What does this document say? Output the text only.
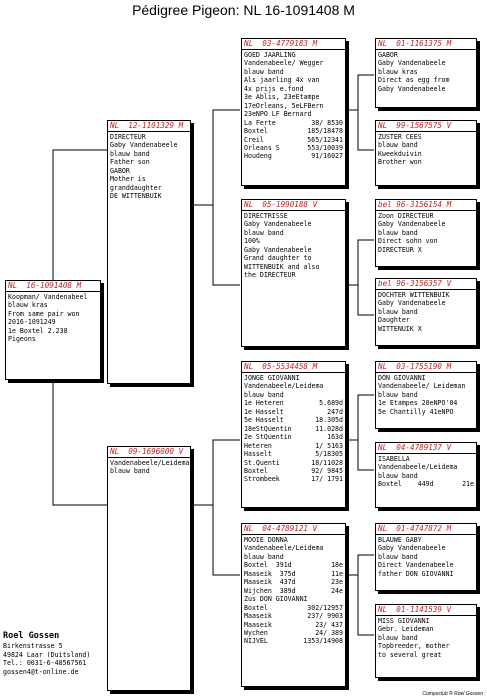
Pédigree Pigeon: NL 16-1091408 M
NL  16-1091408 M
Koopman/ Vandenabeel
blauw kras
From same pair won
2016-1091249
1e Boxtel 2.238
Pigeons
NL  12-1101329 M
DIRECTEUR
Gaby Vandenabeele
blauw band
Father son
GABOR
Mother is
granddaughter
DE WITTENBUIK
NL  09-1696000 V
Vandenabeele/Leidema
blauw band
NL  03-4779183 M
GOED JAARLING
Vandenabeele/ Wegger
blauw band
Als jaarling 4x van
4x prijs e.fond
3e Ablis, 23eEtampe
17eOrleans, 5eLFBern
23eNPO LF Bernard
La Ferte	38/ 8530
Boxtel	185/18478
Creil	565/12341
Orleans S	553/10039
Houdeng	91/16027
NL  05-1990188 V
DIRECTRISSE
Gaby Vandenabeele
blauw band
100%
Gaby Vandenabeele
Grand daughter to
WITTENBUIK and also
the DIRECTEUR
NL  05-5534458 M
JONGE GIOVANNI
Vandenabeele/Leidema
blauw band
1e Heteren	5.689d
1e Hasselt	247d
5e Hasselt	18.305d
18eStQuentin	11.028d
2e StQuentin	163d
Heteren	1/ 5163
Hasselt	5/18305
St.Quenti	18/11028
Boxtel	92/ 9845
Strombeek	17/ 1791
NL  04-4789121 V
MOOIE DONNA
Vandenabeele/Leidema
blauw band
Boxtel  391d	18e
Maaseik  375d	11e
Maaseik  437d	23e
Wijchen  389d	24e
Zus DON GIOVANNI
Boxtel	302/12957
Maaseik	237/ 9903
Maaseik	23/ 437
Wychen	24/ 389
NIJVEL	1353/14908
NL  01-1161375 M
GABOR
Gaby Vandenabeele
blauw kras
Direct as egg from
Gaby Vandenabeele
NL  99-1567575 V
ZUSTER CEES
blauw band
Kweekduivin
Brother won
bel 96-3156154 M
Zoon DIRECTEUR
Gaby Vandenabeele
blauw band
Direct sohn von
DIRECTEUR X
bel 96-3156357 V
DOCHTER WITTENBUIK
Gaby Vandenabeele
blauw band
Daughter
WITTENUIK X
NL  03-1755190 M
DON GIOVANNI
Vandenabeele/ Leideman
blauw band
1e Etampes 20eNPO'04
5e Chantilly 41eNPO
NL  04-4789137 V
ISABELLA
Vandenabeele/Leidema
blauw band
Boxtel    449d	21e
NL  01-4747872 M
BLAUWE GABY
Gaby Vandenabeele
blauw band
Direct Vandenabeele
father DON GIOVANNI
NL  01-1141539 V
MISS GIOVANNI
Gebr. Leideman
blauw band
Topbreeder, mother
to several great
Roel Gossen
Birkenstrasse 5
49824 Laar (Duitsland)
Tel.: 0031-6-48567561
gossen4@t-online.de
Compuclub ® Roel Gossen
